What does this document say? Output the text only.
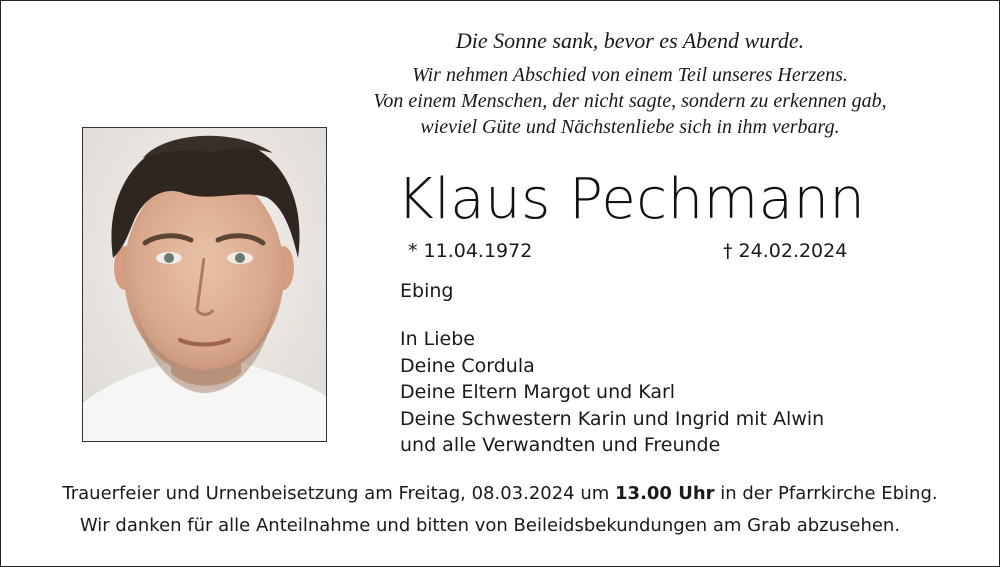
Die Sonne sank, bevor es Abend wurde.
Wir nehmen Abschied von einem Teil unseres Herzens.
Von einem Menschen, der nicht sagte, sondern zu erkennen gab,
wieviel Güte und Nächstenliebe sich in ihm verbarg.
Klaus Pechmann
* 11.04.1972	† 24.02.2024
Ebing
In Liebe
Deine Cordula
Deine Eltern Margot und Karl
Deine Schwestern Karin und Ingrid mit Alwin
und alle Verwandten und Freunde
Trauerfeier und Urnenbeisetzung am Freitag, 08.03.2024 um 13.00 Uhr in der Pfarrkirche Ebing.
Wir danken für alle Anteilnahme und bitten von Beileidsbekundungen am Grab abzusehen.
